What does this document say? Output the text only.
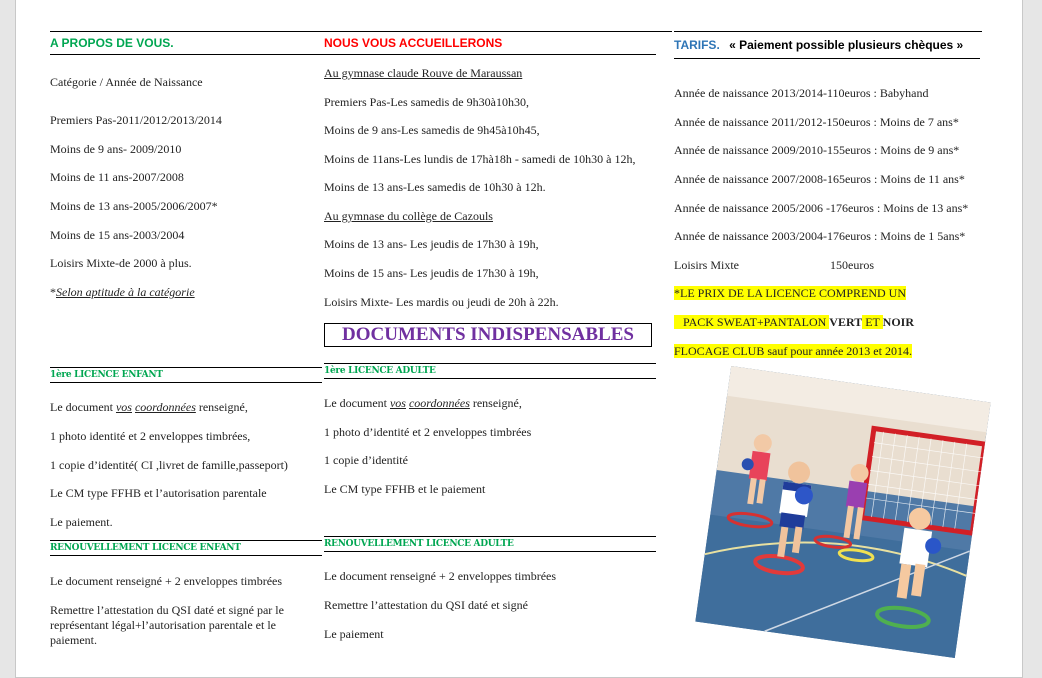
A PROPOS DE VOUS.
Catégorie / Année de Naissance
Premiers Pas-2011/2012/2013/2014
Moins de 9 ans- 2009/2010
Moins de 11 ans-2007/2008
Moins de 13 ans-2005/2006/2007*
Moins de 15 ans-2003/2004
Loisirs Mixte-de 2000 à plus.
*Selon aptitude à la catégorie
1ère LICENCE ENFANT
Le document vos coordonnées renseigné,
1 photo identité et 2 enveloppes timbrées,
1 copie d’identité( CI ,livret de famille,passeport)
Le CM type FFHB et l’autorisation parentale
Le paiement.
RENOUVELLEMENT LICENCE ENFANT
Le document renseigné + 2 enveloppes timbrées
Remettre l’attestation du QSI daté et signé par le représentant légal+l’autorisation parentale et le paiement.
NOUS VOUS ACCUEILLERONS
Au gymnase claude Rouve de Maraussan
Premiers Pas-Les samedis de 9h30à10h30,
Moins de 9 ans-Les samedis de 9h45à10h45,
Moins de 11ans-Les lundis de 17hà18h - samedi de 10h30 à 12h,
Moins de 13 ans-Les samedis de 10h30 à 12h.
Au gymnase du collège de Cazouls
Moins de 13 ans- Les jeudis de 17h30 à 19h,
Moins de 15 ans- Les jeudis de 17h30 à 19h,
Loisirs Mixte- Les mardis ou jeudi de 20h à 22h.
DOCUMENTS INDISPENSABLES
1ère LICENCE ADULTE
Le document vos coordonnées renseigné,
1 photo d’identité et 2 enveloppes timbrées
1 copie d’identité
Le CM type FFHB et le paiement
RENOUVELLEMENT LICENCE ADULTE
Le document renseigné + 2 enveloppes timbrées
Remettre l’attestation du QSI daté et signé
Le paiement
TARIFS. « Paiement possible plusieurs chèques »
Année de naissance 2013/2014-110euros : Babyhand
Année de naissance 2011/2012-150euros : Moins de 7 ans*
Année de naissance 2009/2010-155euros : Moins de 9 ans*
Année de naissance 2007/2008-165euros : Moins de 11 ans*
Année de naissance 2005/2006 -176euros : Moins de 13 ans*
Année de naissance 2003/2004-176euros : Moins de 1 5ans*
Loisirs Mixte	150euros
*LE PRIX DE LA LICENCE COMPREND UN
PACK SWEAT+PANTALON VERT ET NOIR
FLOCAGE CLUB sauf pour année 2013 et 2014.
